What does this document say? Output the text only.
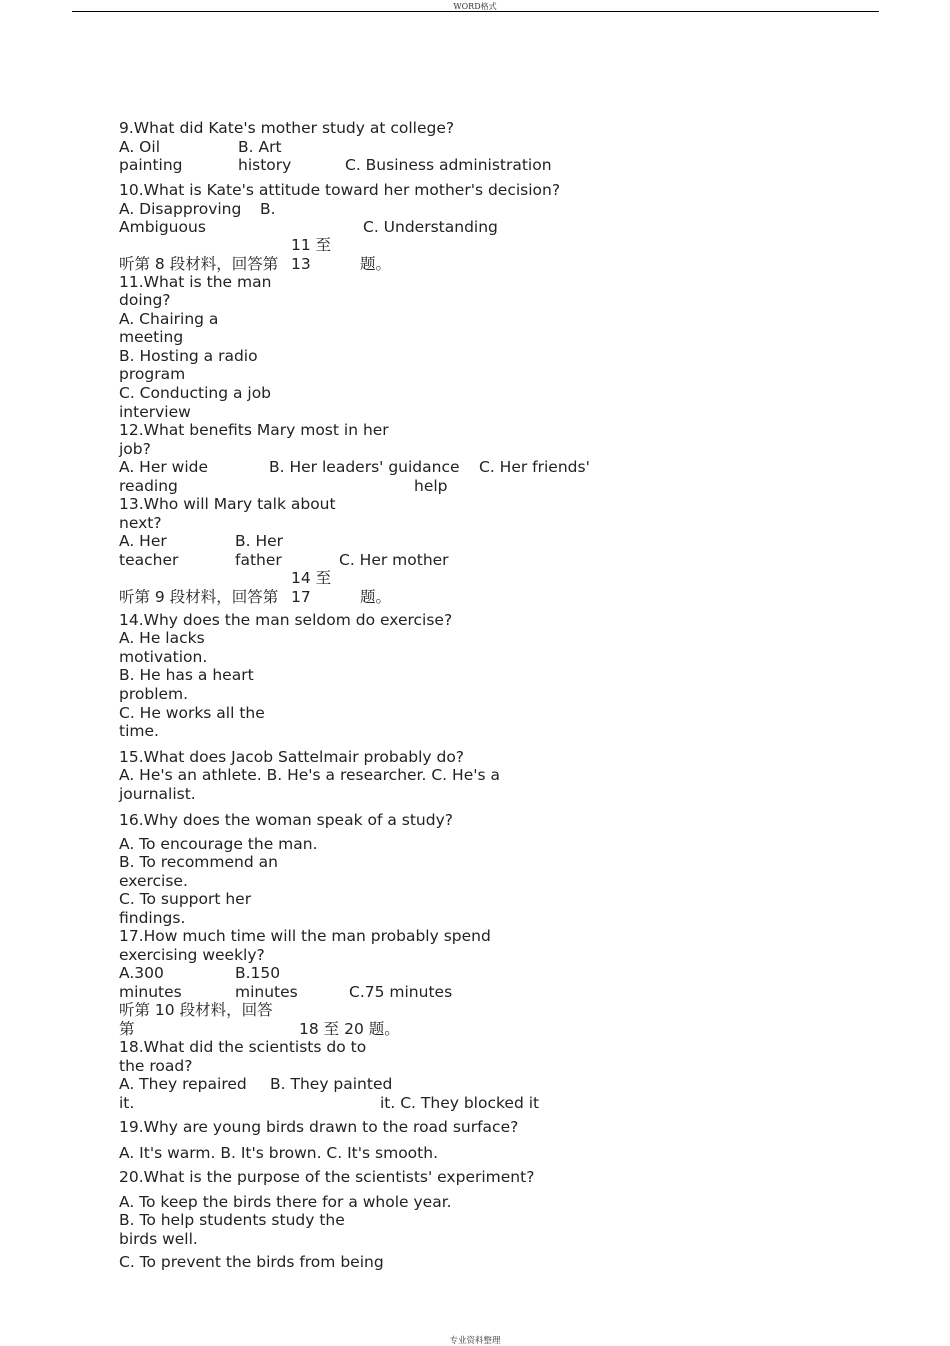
WORD格式
9.What did Kate's mother study at college?
A. Oil
painting
B. Art
history	C. Business administration
10.What is Kate's attitude toward her mother's decision?
A. Disapproving B.
Ambiguous	C. Understanding
11 至
听第 8 段材料，回答第 13	题。
11.What is the man
doing?
A. Chairing a
meeting
B. Hosting a radio
program
C. Conducting a job
interview
12.What benefits Mary most in her
job?
A. Her wide
reading
B. Her leaders' guidance C. Her friends'
help
13.Who will Mary talk about
next?
A. Her
teacher
B. Her
father	C. Her mother
14 至
听第 9 段材料，回答第 17	题。
14.Why does the man seldom do exercise?
A. He lacks
motivation.
B. He has a heart
problem.
C. He works all the
time.
15.What does Jacob Sattelmair probably do?
A. He's an athlete. B. He's a researcher. C. He's a
journalist.
16.Why does the woman speak of a study?
A. To encourage the man.
B. To recommend an
exercise.
C. To support her
findings.
17.How much time will the man probably spend
exercising weekly?
A.300
minutes
B.150
minutes	C.75 minutes
听第 10 段材料，回答
第	18 至 20 题。
18.What did the scientists do to
the road?
A. They repaired
it.
B. They painted
it. C. They blocked it
19.Why are young birds drawn to the road surface?
A. It's warm. B. It's brown. C. It's smooth.
20.What is the purpose of the scientists' experiment?
A. To keep the birds there for a whole year.
B. To help students study the
birds well.
C. To prevent the birds from being
专业资料整理
